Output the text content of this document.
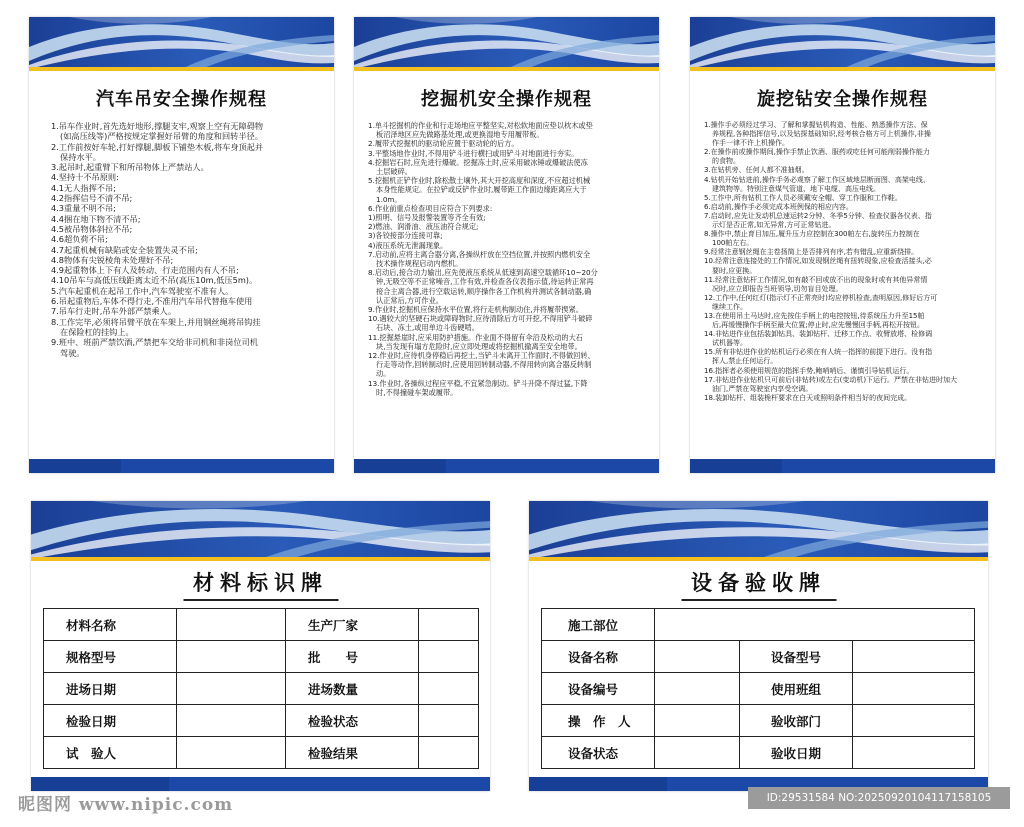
汽车吊安全操作规程
1.吊车作业时,首先选好地形,撑腿支牢,观察上空有无障碍物
(如高压线等)严格按规定掌握好吊臂的角度和回转半径。
2.工作前按好车轮,打好撑腿,脚板下铺垫木板,将车身顶起并
保持水平。
3.起吊时,起重臂下和所吊物体上严禁站人。
4.坚持十不吊原则:
4.1无人指挥不吊;
4.2指挥信号不清不吊;
4.3重量不明不吊;
4.4捆在地下物不清不吊;
4.5被吊物体斜拉不吊;
4.6超负荷不吊;
4.7起重机械有缺陷或安全装置失灵不吊;
4.8物体有尖锐棱角未处理好不吊;
4.9起重物体上下有人及转动、行走范围内有人不吊;
4.10吊车与高低压线距离太近不吊(高压10m,低压5m)。
5.汽车起重机在起吊工作中,汽车驾驶室不准有人。
6.吊起重物后,车体不得行走,不准用汽车吊代替拖车使用
7.吊车行走时,吊车外部严禁乘人。
8.工作完毕,必须将吊臂平放在车架上,并用钢丝绳将吊钩挂
在保险杠的挂钩上。
9.班中、班前严禁饮酒,严禁把车交给非司机和非岗位司机
驾驶。
挖掘机安全操作规程
1.单斗挖掘机的作业和行走场地应平整坚实,对松软地面应垫以枕木或垫
板沼泽地区应先做路基处理,或更换湿地专用履带板。
2.履带式挖掘机的驱动轮应置于驱动轮的后方。
3.平整场地作业时,不得用铲斗进行横扫或用铲斗对地面进行夯实。
4.挖掘岩石时,应先进行爆破。挖掘冻土时,应采用破冰锤或爆破法使冻
土层破碎。
5.挖掘机正铲作业时,除松散土壤外,其大开挖高度和深度,不应超过机械
本身性能规定。在拉铲或反铲作业时,履带距工作面边缘距离应大于
1.0m。
6.作业前重点检查项目应符合下列要求:
1)照明、信号及报警装置等齐全有效;
2)燃油、润滑油、液压油符合规定;
3)各铰接部分连接可靠;
4)液压系统无泄漏现象。
7.启动前,应将主离合器分离,各操纵杆放在空挡位置,并按照内燃机安全
技术操作规程启动内燃机。
8.启动后,接合动力输出,应先使液压系统从低速到高速空载循环10~20分
钟,无吸空等不正常噪音,工作有效,并检查各仪表指示值,待运转正常再
接合主离合器,进行空载运转,顺序操作各工作机构并测试各制动器,确
认正常后,方可作业。
9.作业时,挖掘机应保持水平位置,将行走机构制动住,并将履带揳紧。
10.遇较大的坚硬石块或障碍物时,应待清除后方可开挖,不得用铲斗破碎
石块、冻土,或用单边斗齿硬啃。
11.挖掘悬崖时,应采用防护措施。作业面不得留有伞沿及松动的大石
块,当发现有塌方危险时,应立即处理或将挖掘机撤离至安全地带。
12.作业时,应待机身停稳后再挖土,当铲斗未离开工作面时,不得做回转、
行走等动作,回转制动时,应使用回转制动器,不得用转向离合器反转制
动。
13.作业时,各操纵过程应平稳,不宜紧急制动。铲斗升降不得过猛,下降
时,不得撞碰车架或履带。
旋挖钻安全操作规程
1.操作手必须经过学习、了解和掌握钻机构造、性能、熟悉操作方法、保
养规程,各种指挥信号,以及钻探基础知识,经考核合格方可上机操作,非操
作手一律不许上机操作。
2.在操作前或操作期间,操作手禁止饮酒、服药或吃任何可能削弱操作能力
的食物。
3.在钻机旁、任何人都不准抽烟。
4.钻机开始钻进前,操作手务必观察了解工作区域地层断面图、高架电线、
建筑物等。特别注意煤气管道、地下电缆、高压电线。
5.工作中,所有钻机工作人员必须戴安全帽、穿工作服和工作鞋。
6.启动前,操作手必须完成本班例保的相应内容。
7.启动时,应先让发动机总速运转2分钟、冬季5分钟、检查仪器各仪表、指
示灯是否正常,如无异常,方可正常钻进。
8.操作中,禁止育目加压,履升压力应控制在300帕左右,旋转压力控制在
100帕左右。
9.经常注意钢丝绳在主卷扬简上是否排列有序,若有错乱,应重新绕排。
10.经常注意连接处的工作情况,如发现钢丝绳有扭转现象,应检查活接头,必
要时,应更换。
11.经常注意钻杆工作情况,如有敲不回或放不出的现象时或有其他异常情
况时,应立即报告当班领导,切勿盲目处理。
12.工作中,任何红灯(指示灯不正常亮时)均应停机检查,查明原因,修好后方可
继续工作。
13.在使用吊土马达时,应先按住手柄上的电控按钮,待系统压力升至15帕
后,再缓慢操作手柄至最大位置;停止时,应先慢慢回手柄,再松开按钮。
14.非钻进作业包括装卸钻具、装卸钻杆、迁移工作点、收臂放塔、检修调
试机器等。
15.所有非钻进作业的钻机运行必须在有人统一指挥的前提下进行。没有指
挥人,禁止任何运行。
16.指挥者必须使用规范的指挥手势,鲍哨哨后、谨慎引导钻机运行。
17.非钻进作业钻机只可前后(非钻转)或左右(变动机)下运行。严禁在非钻进时加大
油门,严禁在驾驶室内享受空调。
18.装卸钻杆、组装桅杆要求在白天或照明条件相当好的夜间完成。
材料标识牌
材料名称		生产厂家	
规格型号		批　　号	
进场日期		进场数量	
检验日期		检验状态	
试　验人		检验结果	
设备验收牌
施工部位			
设备名称		设备型号	
设备编号		使用班组	
操　作　人		验收部门	
设备状态		验收日期	
昵图网 www.nipic.com	ID:29531584 NO:20250920104117158105
